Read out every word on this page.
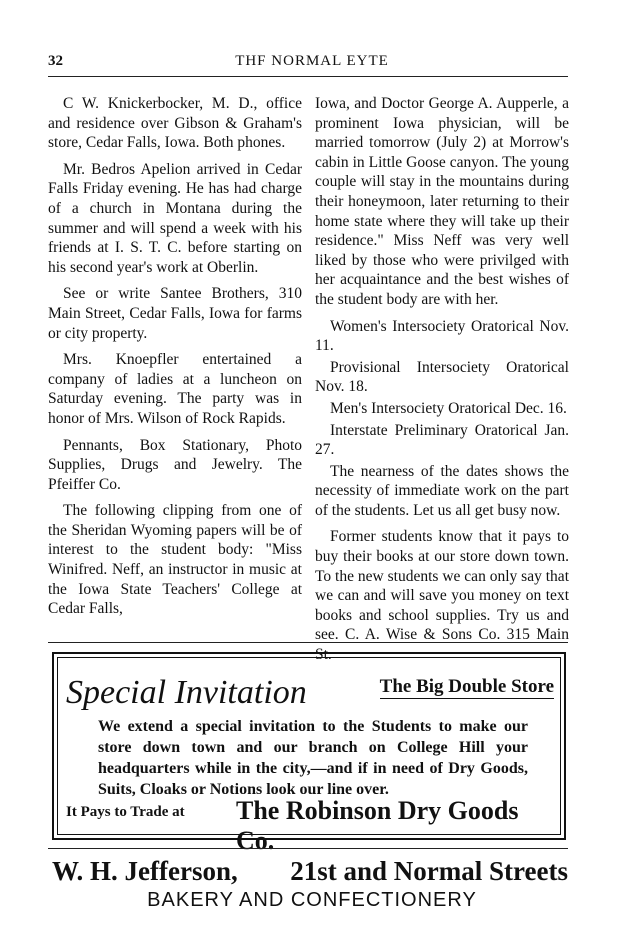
32	THF NORMAL EYTE

C W. Knickerbocker, M. D., office and residence over Gibson & Graham's store, Cedar Falls, Iowa. Both phones.

Mr. Bedros Apelion arrived in Cedar Falls Friday evening. He has had charge of a church in Montana during the summer and will spend a week with his friends at I. S. T. C. before starting on his second year's work at Oberlin.

See or write Santee Brothers, 310 Main Street, Cedar Falls, Iowa for farms or city property.

Mrs. Knoepfler entertained a company of ladies at a luncheon on Saturday evening. The party was in honor of Mrs. Wilson of Rock Rapids.

Pennants, Box Stationary, Photo Supplies, Drugs and Jewelry. The Pfeiffer Co.

The following clipping from one of the Sheridan Wyoming papers will be of interest to the student body: "Miss Winifred. Neff, an instructor in music at the Iowa State Teachers' College at Cedar Falls,

Iowa, and Doctor George A. Aupperle, a prominent Iowa physician, will be married tomorrow (July 2) at Morrow's cabin in Little Goose canyon. The young couple will stay in the mountains during their honeymoon, later returning to their home state where they will take up their residence." Miss Neff was very well liked by those who were privilged with her acquaintance and the best wishes of the student body are with her.

Women's Intersociety Oratorical Nov. 11.

Provisional Intersociety Oratorical Nov. 18.

Men's Intersociety Oratorical Dec. 16.

Interstate Preliminary Oratorical Jan. 27.

The nearness of the dates shows the necessity of immediate work on the part of the students. Let us all get busy now.

Former students know that it pays to buy their books at our store down town. To the new students we can only say that we can and will save you money on text books and school supplies. Try us and see. C. A. Wise & Sons Co. 315 Main St.

Special Invitation	The Big Double Store
We extend a special invitation to the Students to make our store down town and our branch on College Hill your headquarters while in the city,—and if in need of Dry Goods, Suits, Cloaks or Notions look our line over.
It Pays to Trade at The Robinson Dry Goods Co.
W. H. Jefferson, 21st and Normal Streets
BAKERY AND CONFECTIONERY
